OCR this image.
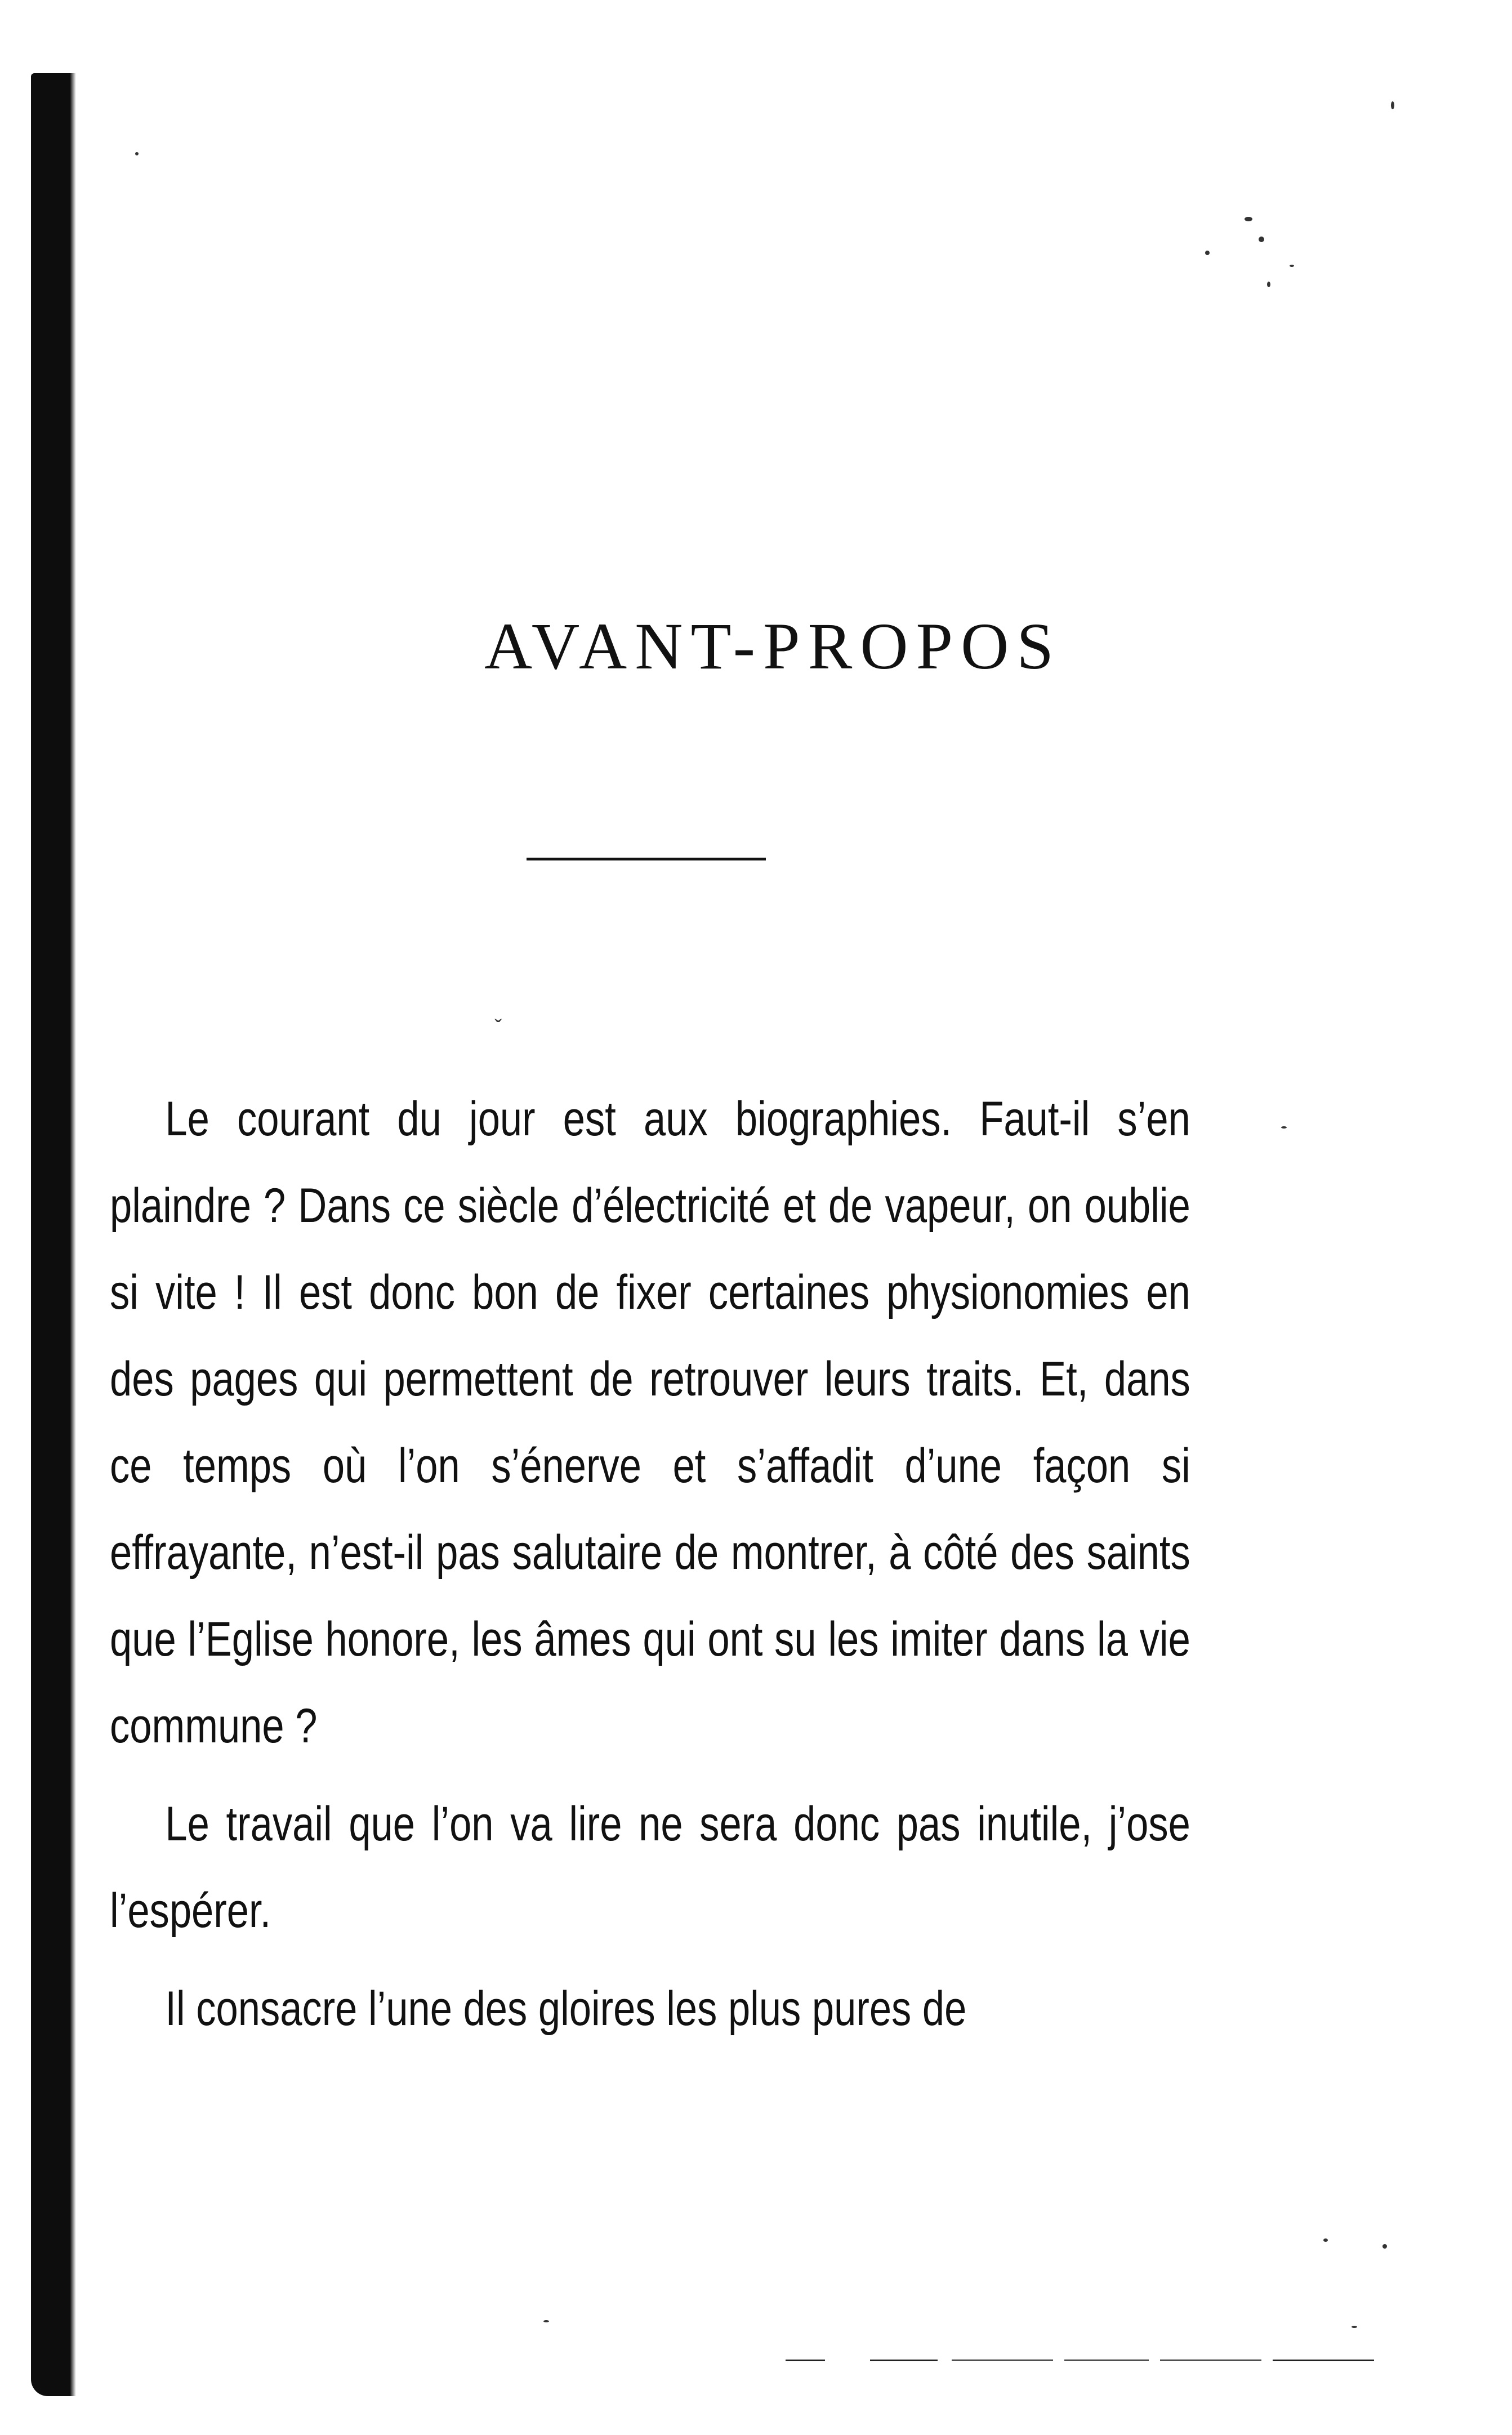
AVANT-PROPOS
ˇ

Le courant du jour est aux biographies. Faut-il s’en plaindre ? Dans ce siècle d’électricité et de vapeur, on oublie si vite ! Il est donc bon de fixer certaines physionomies en des pages qui permettent de retrouver leurs traits. Et, dans ce temps où l’on s’énerve et s’affadit d’une façon si effrayante, n’est-il pas salutaire de montrer, à côté des saints que l’Eglise honore, les âmes qui ont su les imiter dans la vie commune ?

Le travail que l’on va lire ne sera donc pas inutile, j’ose l’espérer.

Il consacre l’une des gloires les plus pures de
